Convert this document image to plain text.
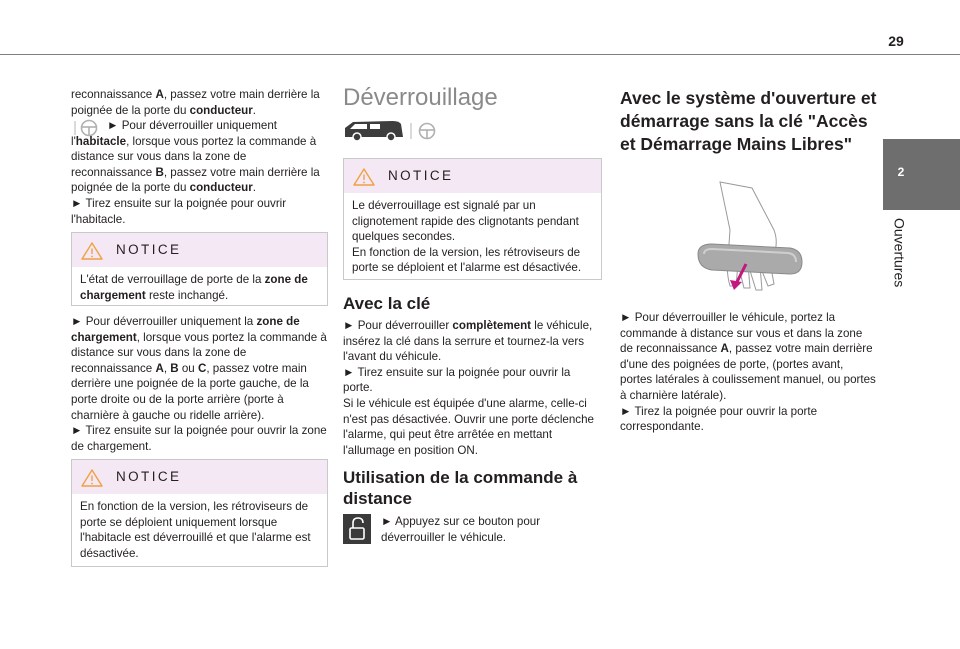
29
2
Ouvertures

reconnaissance A, passez votre main derrière la poignée de la porte du conducteur.

► Pour déverrouiller uniquement l'habitacle, lorsque vous portez la commande à distance sur vous dans la zone de reconnaissance B, passez votre main derrière la poignée de la porte du conducteur.

► Tirez ensuite sur la poignée pour ouvrir l'habitacle.

NOTICE
L'état de verrouillage de porte de la zone de chargement reste inchangé.

► Pour déverrouiller uniquement la zone de chargement, lorsque vous portez la commande à distance sur vous dans la zone de reconnaissance A, B ou C, passez votre main derrière une poignée de la porte gauche, de la porte droite ou de la porte arrière (porte à charnière à gauche ou ridelle arrière).

► Tirez ensuite sur la poignée pour ouvrir la zone de chargement.

NOTICE
En fonction de la version, les rétroviseurs de porte se déploient uniquement lorsque l'habitacle est déverrouillé et que l'alarme est désactivée.
Déverrouillage
NOTICE

Le déverrouillage est signalé par un clignotement rapide des clignotants pendant quelques secondes.

En fonction de la version, les rétroviseurs de porte se déploient et l'alarme est désactivée.

Avec la clé

► Pour déverrouiller complètement le véhicule, insérez la clé dans la serrure et tournez-la vers l'avant du véhicule.

► Tirez ensuite sur la poignée pour ouvrir la porte.

Si le véhicule est équipée d'une alarme, celle-ci n'est pas désactivée. Ouvrir une porte déclenche l'alarme, qui peut être arrêtée en mettant l'allumage en position ON.

Utilisation de la commande à distance

► Appuyez sur ce bouton pour déverrouiller le véhicule.

Avec le système d'ouverture et démarrage sans la clé "Accès et Démarrage Mains Libres"

► Pour déverrouiller le véhicule, portez la commande à distance sur vous et dans la zone de reconnaissance A, passez votre main derrière d'une des poignées de porte, (portes avant, portes latérales à coulissement manuel, ou portes à charnière latérale).

► Tirez la poignée pour ouvrir la porte correspondante.
